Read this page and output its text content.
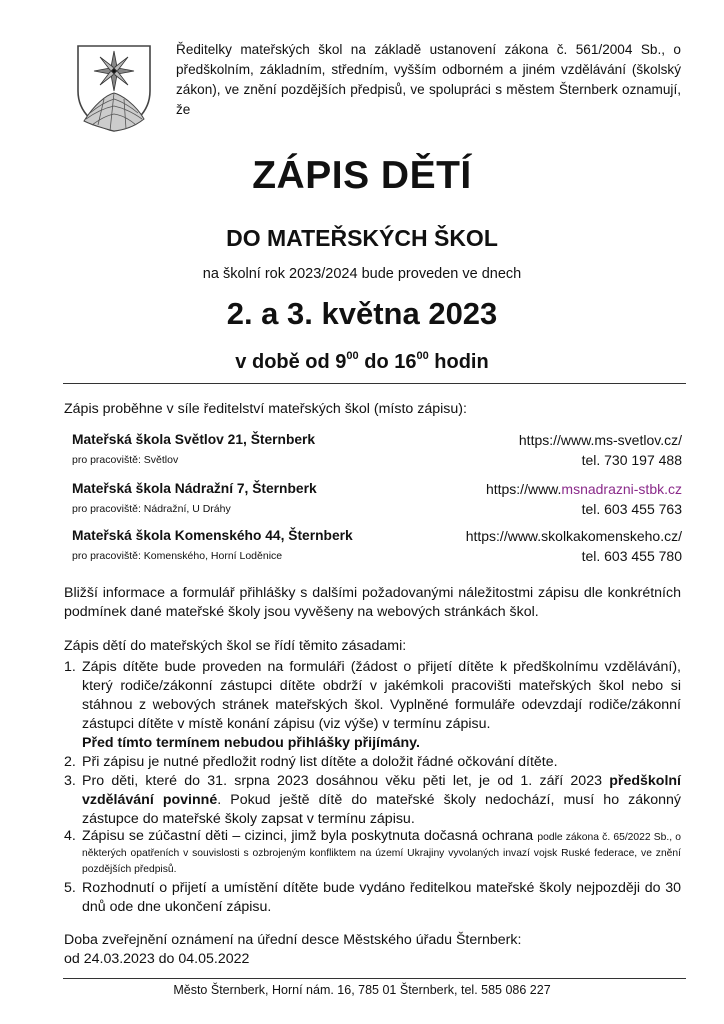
Ředitelky mateřských škol na základě ustanovení zákona č. 561/2004 Sb., o předškolním, základním, středním, vyšším odborném a jiném vzdělávání (školský zákon), ve znění pozdějších předpisů, ve spolupráci s městem Šternberk oznamují, že
ZÁPIS DĚTÍ
DO MATEŘSKÝCH ŠKOL
na školní rok 2023/2024 bude proveden ve dnech
2. a 3. května 2023
v době od $9^{00}$ do $16^{00}$ hodin
Zápis proběhne v síle ředitelství mateřských škol (místo zápisu):
Mateřská škola Světlov 21, Šternberk
pro pracoviště: Světlov
https://www.ms-svetlov.cz/
tel. 730 197 488
Mateřská škola Nádražní 7, Šternberk
pro pracoviště: Nádražní, U Dráhy
https://www.msnadrazni-stbk.cz
tel. 603 455 763
Mateřská škola Komenského 44, Šternberk
pro pracoviště: Komenského, Horní Loděnice
https://www.skolkakomenskeho.cz/
tel. 603 455 780
Bližší informace a formulář přihlášky s dalšími požadovanými náležitostmi zápisu dle konkrétních podmínek dané mateřské školy jsou vyvěšeny na webových stránkách škol.
Zápis dětí do mateřských škol se řídí těmito zásadami:
1. Zápis dítěte bude proveden na formuláři (žádost o přijetí dítěte k předškolnímu vzdělávání), který rodiče/zákonní zástupci dítěte obdrží v jakémkoli pracovišti mateřských škol nebo si stáhnou z webových stránek mateřských škol. Vyplněné formuláře odevzdají rodiče/zákonní zástupci dítěte v místě konání zápisu (viz výše) v termínu zápisu.
Před tímto termínem nebudou přihlášky přijímány.
2. Při zápisu je nutné předložit rodný list dítěte a doložit řádné očkování dítěte.
3. Pro děti, které do 31. srpna 2023 dosáhnou věku pěti let, je od 1. září 2023 předškolní vzdělávání povinné. Pokud ještě dítě do mateřské školy nedochází, musí ho zákonný zástupce do mateřské školy zapsat v termínu zápisu.
4. Zápisu se zúčastní děti – cizinci, jimž byla poskytnuta dočasná ochrana podle zákona č. 65/2022 Sb., o některých opatřeních v souvislosti s ozbrojeným konfliktem na území Ukrajiny vyvolaných invazí vojsk Ruské federace, ve znění pozdějších předpisů.
5. Rozhodnutí o přijetí a umístění dítěte bude vydáno ředitelkou mateřské školy nejpozději do 30 dnů ode dne ukončení zápisu.
Doba zveřejnění oznámení na úřední desce Městského úřadu Šternberk:
od 24.03.2023 do 04.05.2022
Město Šternberk, Horní nám. 16, 785 01 Šternberk, tel. 585 086 227
